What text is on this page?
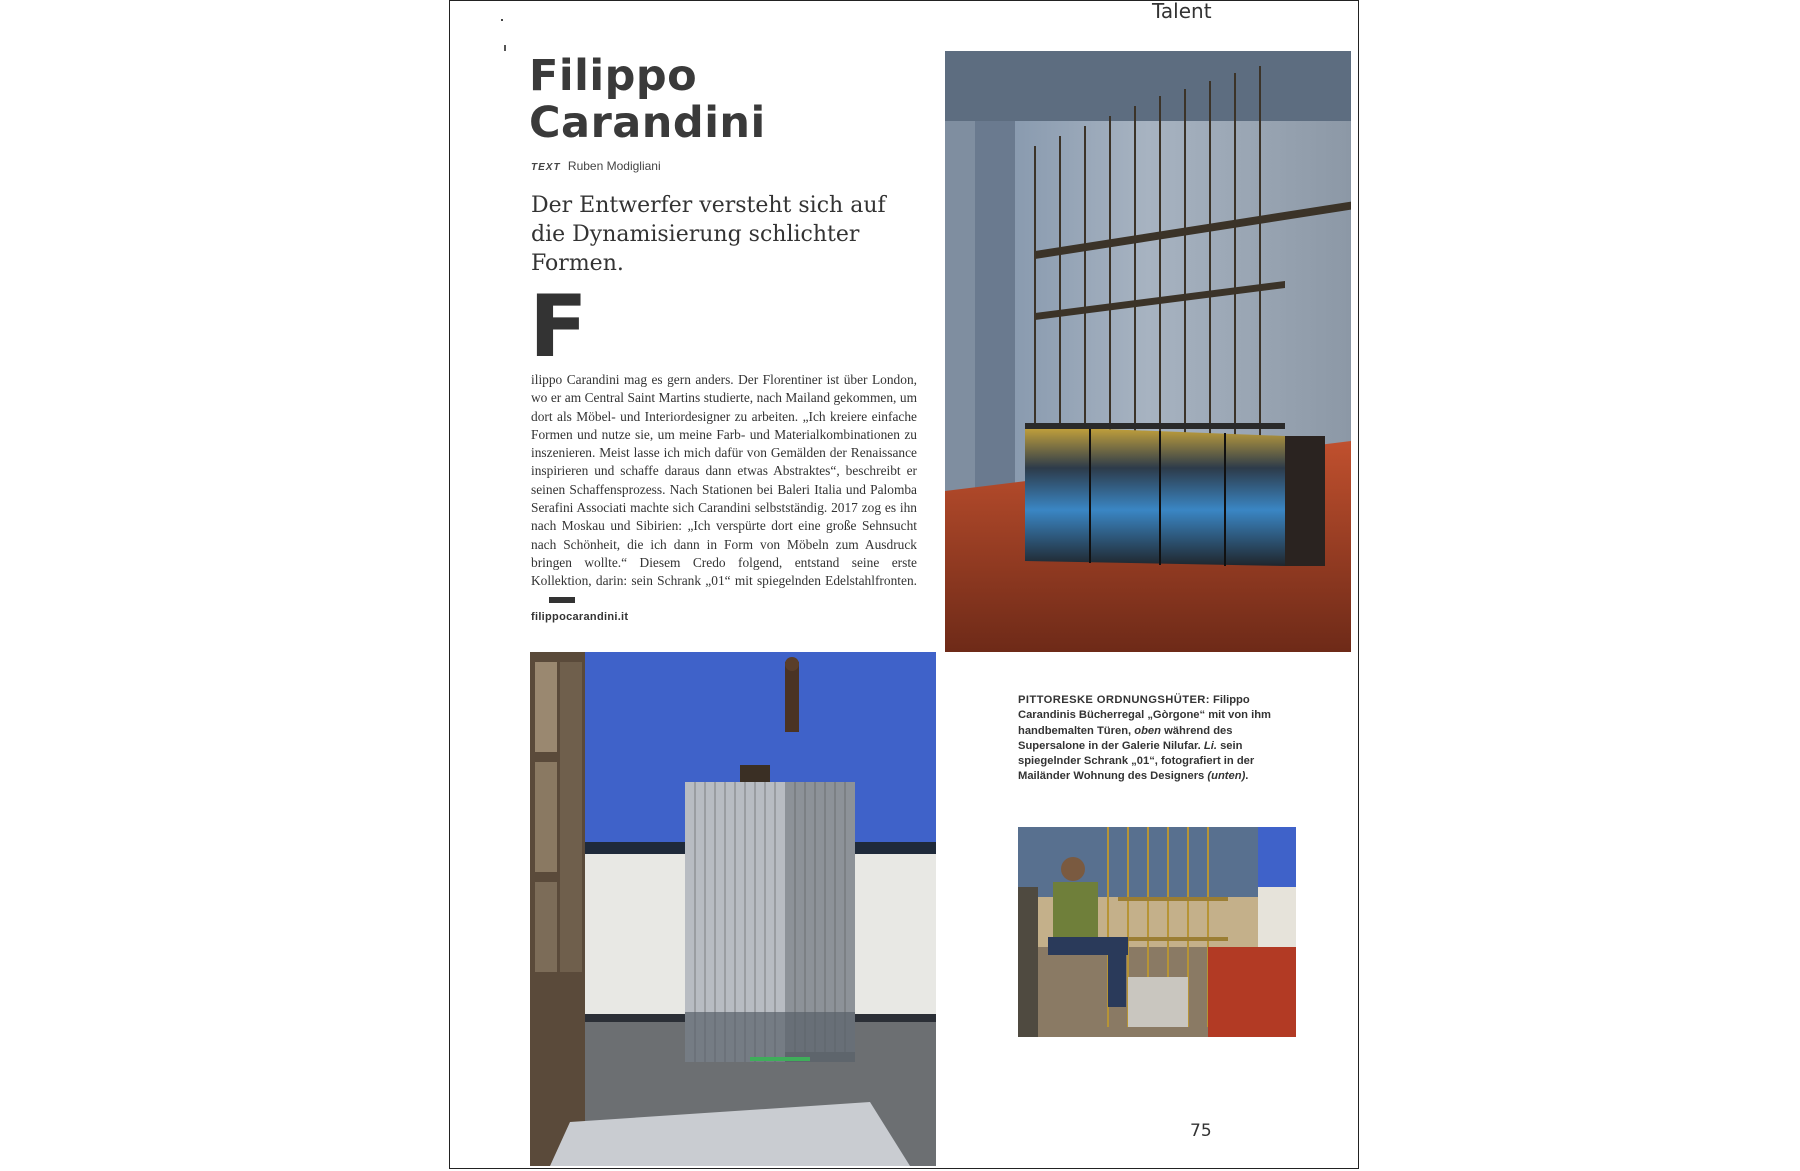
Talent
Filippo
Carandini
TEXT Ruben Modigliani

Der Entwerfer versteht sich auf die Dynamisierung schlichter Formen.

F

ilippo Carandini mag es gern anders. Der Florentiner ist über London, wo er am Central Saint Martins studierte, nach Mailand gekommen, um dort als Möbel- und Interiordesigner zu arbeiten. „Ich kreiere einfache Formen und nutze sie, um meine Farb- und Materialkombinationen zu inszenieren. Meist lasse ich mich dafür von Gemälden der Renaissance inspirieren und schaffe daraus dann etwas Abstraktes“, beschreibt er seinen Schaffensprozess. Nach Stationen bei Baleri Italia und Palomba Serafini Associati machte sich Carandini selbstständig. 2017 zog es ihn nach Moskau und Sibirien: „Ich verspürte dort eine große Sehnsucht nach Schönheit, die ich dann in Form von Möbeln zum Ausdruck bringen wollte.“ Diesem Credo folgend, entstand seine erste Kollektion, darin: sein Schrank „01“ mit spiegelnden Edelstahlfronten.

filippocarandini.it

PITTORESKE ORDNUNGSHÜTER: Filippo Carandinis Bücherregal „Gòrgone“ mit von ihm handbemalten Türen, oben während des Supersalone in der Galerie Nilufar. Li. sein spiegelnder Schrank „01“, fotografiert in der Mailänder Wohnung des Designers (unten).

75
